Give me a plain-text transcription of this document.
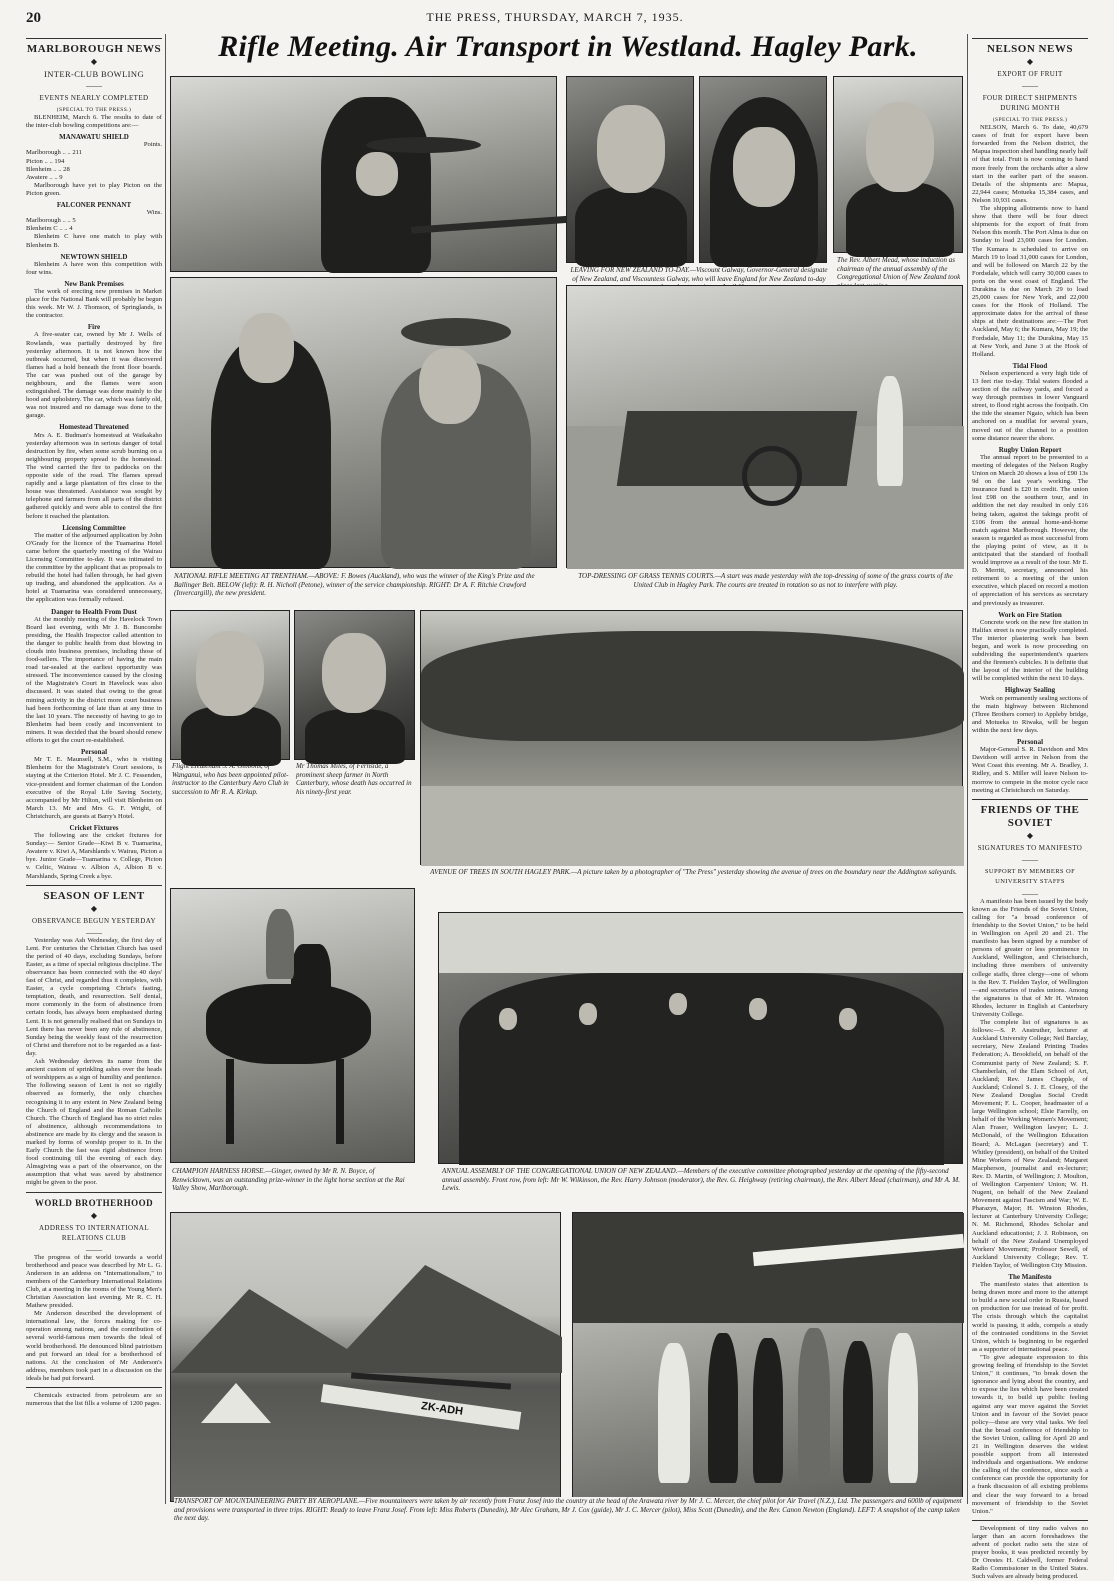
20	THE PRESS, THURSDAY, MARCH 7, 1935.
MARLBOROUGH NEWS
◆
INTER-CLUB BOWLING
——
EVENTS NEARLY COMPLETED
(SPECIAL TO THE PRESS.)

BLENHEIM, March 6. The results to date of the inter-club bowling competitions are:—

MANAWATU SHIELD
Points.
Marlborough .. .. 211
Picton .. .. 194
Blenheim .. .. 28
Awatere .. .. 9

Marlborough have yet to play Picton on the Picton green.

FALCONER PENNANT
Wins.
Marlborough .. .. 5
Blenheim C .. .. 4

Blenheim C have one match to play with Blenheim B.

NEWTOWN SHIELD

Blenheim A have won this competition with four wins.

New Bank Premises

The work of erecting new premises in Market place for the National Bank will probably be begun this week. Mr W. J. Thomson, of Springlands, is the contractor.

Fire

A five-seater car, owned by Mr J. Wells of Rowlands, was partially destroyed by fire yesterday afternoon. It is not known how the outbreak occurred, but when it was discovered flames had a hold beneath the front floor boards. The car was pushed out of the garage by neighbours, and the flames were soon extinguished. The damage was done mainly to the hood and upholstery. The car, which was fairly old, was not insured and no damage was done to the garage.

Homestead Threatened

Mrs A. E. Budman's homestead at Waikakaho yesterday afternoon was in serious danger of total destruction by fire, when some scrub burning on a neighbouring property spread to the homestead. The wind carried the fire to paddocks on the opposite side of the road. The flames spread rapidly and a large plantation of firs close to the house was threatened. Assistance was sought by telephone and farmers from all parts of the district gathered quickly and were able to control the fire before it reached the plantation.

Licensing Committee

The matter of the adjourned application by John O'Grady for the licence of the Tuamarina Hotel came before the quarterly meeting of the Wairau Licensing Committee to-day. It was intimated to the committee by the applicant that as proposals to rebuild the hotel had fallen through, he had given up trading, and abandoned the application. As a hotel at Tuamarina was considered unnecessary, the application was formally refused.

Danger to Health From Dust

At the monthly meeting of the Havelock Town Board last evening, with Mr J. B. Buncombe presiding, the Health Inspector called attention to the danger to public health from dust blowing in clouds into business premises, including those of food-sellers. The importance of having the main road tar-sealed at the earliest opportunity was stressed. The inconvenience caused by the closing of the Magistrate's Court in Havelock was also discussed. It was stated that owing to the great mining activity in the district more court business had been forthcoming of late than at any time in the last 10 years. The necessity of having to go to Blenheim had been costly and inconvenient to miners. It was decided that the board should renew efforts to get the court re-established.

Personal

Mr T. E. Maunsell, S.M., who is visiting Blenheim for the Magistrate's Court sessions, is staying at the Criterion Hotel. Mr J. C. Fessenden, vice-president and former chairman of the London executive of the Royal Life Saving Society, accompanied by Mr Hilton, will visit Blenheim on March 13. Mr and Mrs G. F. Wright, of Christchurch, are guests at Barry's Hotel.

Cricket Fixtures

The following are the cricket fixtures for Sunday:— Senior Grade—Kiwi B v. Tuamarina, Awatere v. Kiwi A, Marshlands v. Wairau, Picton a bye. Junior Grade—Tuamarina v. College, Picton v. Celtic, Wairau v. Albion A, Albion B v. Marshlands, Spring Creek a bye.

SEASON OF LENT
◆
OBSERVANCE BEGUN YESTERDAY
——

Yesterday was Ash Wednesday, the first day of Lent. For centuries the Christian Church has used the period of 40 days, excluding Sundays, before Easter, as a time of special religious discipline. The observance has been connected with the 40 days' fast of Christ, and regarded thus it completes, with Easter, a cycle comprising Christ's fasting, temptation, death, and resurrection. Self denial, more commonly in the form of abstinence from certain foods, has always been emphasised during Lent. It is not generally realised that on Sundays in Lent there has never been any rule of abstinence, Sunday being the weekly feast of the resurrection of Christ and therefore not to be regarded as a fast-day.

Ash Wednesday derives its name from the ancient custom of sprinkling ashes over the heads of worshippers as a sign of humility and penitence. The following season of Lent is not so rigidly observed as formerly, the only churches recognising it to any extent in New Zealand being the Church of England and the Roman Catholic Church. The Church of England has no strict rules of abstinence, although recommendations to abstinence are made by its clergy and the season is marked by forms of worship proper to it. In the Early Church the fast was rigid abstinence from food continuing till the evening of each day. Almsgiving was a part of the observance, on the assumption that what was saved by abstinence might be given to the poor.

WORLD BROTHERHOOD
◆
ADDRESS TO INTERNATIONAL RELATIONS CLUB
——

The progress of the world towards a world brotherhood and peace was described by Mr L. G. Anderson in an address on "Internationalism," to members of the Canterbury International Relations Club, at a meeting in the rooms of the Young Men's Christian Association last evening. Mr R. C. H. Mathew presided.

Mr Anderson described the development of international law, the forces making for co-operation among nations, and the contribution of several world-famous men towards the ideal of world brotherhood. He denounced blind patriotism and put forward an ideal for a brotherhood of nations. At the conclusion of Mr Anderson's address, members took part in a discussion on the ideals he had put forward.

Chemicals extracted from petroleum are so numerous that the list fills a volume of 1200 pages.

Rifle Meeting. Air Transport in Westland. Hagley Park.
LEAVING FOR NEW ZEALAND TO-DAY.—Viscount Galway, Governor-General designate of New Zealand, and Viscountess Galway, who will leave England for New Zealand to-day
The Rev. Albert Mead, whose induction as chairman of the annual assembly of the Congregational Union of New Zealand took
NATIONAL RIFLE MEETING AT TRENTHAM.—ABOVE: F. Bowes (Auckland), who was the winner of the King's Prize and the Ballinger Belt. BELOW (left): R. H. Nicholl (Petone), winner of the service championship. RIGHT: Dr A. F. Ritchie Crawford (Invercargill), the new president.
TOP-DRESSING OF GRASS TENNIS COURTS.—A start was made yesterday with the top-dressing of some of the grass courts of the United Club in Hagley Park. The courts are treated in rotation so as not to interfere with play.
Flight Lieutenant S. A. Gibbons, of Wanganui, who has been appointed pilot-instructor to the Canterbury Aero Club in succession to Mr R. A. Kirkup.
Mr Thomas Miles, of Fernside, a prominent sheep farmer in North Canterbury, whose death has occurred in his ninety-first year.
AVENUE OF TREES IN SOUTH HAGLEY PARK.—A picture taken by a photographer of "The Press" yesterday showing the avenue of trees on the boundary near the Addington saleyards.
CHAMPION HARNESS HORSE.—Ginger, owned by Mr R. N. Boyce, of Renwicktown, was an outstanding prize-winner in the light horse section at the Rai Valley Show, Marlborough.
ANNUAL ASSEMBLY OF THE CONGREGATIONAL UNION OF NEW ZEALAND.—Members of the executive committee photographed yesterday at the opening of the fifty-second annual assembly. Front row, from left: Mr W. Wilkinson, the Rev. Harry Johnson (moderator), the Rev. G. Heighway (retiring chairman), the Rev. Albert Mead (chairman), and Mr A. M. Lewis.
ZK-ADH
TRANSPORT OF MOUNTAINEERING PARTY BY AEROPLANE.—Five mountaineers were taken by air recently from Franz Josef into the country at the head of the Arawata river by Mr J. C. Mercer, the chief pilot for Air Travel (N.Z.), Ltd. The passengers and 600lb of equipment and provisions were transported in three trips. RIGHT: Ready to leave Franz Josef. From left: Miss Roberts (Dunedin), Mr Alec Graham, Mr J. Cox (guide), Mr J. C. Mercer (pilot), Miss Scott (Dunedin), and the Rev. Canon Newton (England). LEFT: A snapshot of the camp taken the next day.
NELSON NEWS
◆
EXPORT OF FRUIT
——
FOUR DIRECT SHIPMENTS DURING MONTH
(SPECIAL TO THE PRESS.)

NELSON, March 6. To date, 40,679 cases of fruit for export have been forwarded from the Nelson district, the Mapua inspection shed handling nearly half of that total. Fruit is now coming to hand more freely from the orchards after a slow start in the earlier part of the season. Details of the shipments are: Mapua, 22,944 cases; Motueka 15,384 cases, and Nelson 10,931 cases.

The shipping allotments now to hand show that there will be four direct shipments for the export of fruit from Nelson this month. The Port Alma is due on Sunday to load 23,000 cases for London. The Kumara is scheduled to arrive on March 19 to load 31,000 cases for London, and will be followed on March 22 by the Fordsdale, which will carry 30,000 cases to ports on the west coast of England. The Durakina is due on March 29 to load 25,000 cases for New York, and 22,000 cases for the Hook of Holland. The approximate dates for the arrival of these ships at their destinations are:—The Port Auckland, May 6; the Kumara, May 19; the Fordsdale, May 11; the Durakina, May 15 at New York, and June 3 at the Hook of Holland.

Tidal Flood

Nelson experienced a very high tide of 13 feet rise to-day. Tidal waters flooded a section of the railway yards, and forced a way through premises in lower Vanguard street, to flood right across the footpath. On the tide the steamer Ngaio, which has been anchored on a mudflat for several years, moved out of the channel to a position some distance nearer the shore.

Rugby Union Report

The annual report to be presented to a meeting of delegates of the Nelson Rugby Union on March 20 shows a loss of £90 13s 9d on the last year's working. The insurance fund is £20 in credit. The union lost £98 on the southern tour, and in addition the net day resulted in only £16 being taken, against the takings profit of £106 from the annual home-and-home match against Marlborough. However, the season is regarded as most successful from the playing point of view, as it is anticipated that the standard of football would improve as a result of the tour. Mr E. D. Merritt, secretary, announced his retirement to a meeting of the union executive, which placed on record a motion of appreciation of his services as secretary and previously as treasurer.

Work on Fire Station

Concrete work on the new fire station in Halifax street is now practically completed. The interior plastering work has been begun, and work is now proceeding on subdividing the superintendent's quarters and the firemen's cubicles. It is definite that the layout of the interior of the building will be completed within the next 10 days.

Highway Sealing

Work on permanently sealing sections of the main highway between Richmond (Three Brothers corner) to Appleby bridge, and Motueka to Riwaka, will be begun within the next few days.

Personal

Major-General S. R. Davidson and Mrs Davidson will arrive in Nelson from the West Coast this evening. Mr A. Bradley, J. Ridley, and S. Miller will leave Nelson to-morrow to compete in the motor cycle race meeting at Christchurch on Saturday.

FRIENDS OF THE SOVIET
◆
SIGNATURES TO MANIFESTO
——
SUPPORT BY MEMBERS OF UNIVERSITY STAFFS
——

A manifesto has been issued by the body known as the Friends of the Soviet Union, calling for "a broad conference of friendship to the Soviet Union," to be held in Wellington on April 20 and 21. The manifesto has been signed by a number of persons of greater or less prominence in Auckland, Wellington, and Christchurch, including three members of university college staffs, three clergy—one of whom is the Rev. T. Fielden Taylor, of Wellington—and secretaries of trades unions. Among the signatures is that of Mr H. Winston Rhodes, lecturer in English at Canterbury University College.

The complete list of signatures is as follows:—S. P. Anstruther, lecturer at Auckland University College; Neil Barclay, secretary, New Zealand Printing Trades Federation; A. Brookfield, on behalf of the Communist party of New Zealand; S. F. Chamberlain, of the Elam School of Art, Auckland; Rev. James Chapple, of Auckland; Colonel S. J. E. Closey, of the New Zealand Douglas Social Credit Movement; F. L. Cooper, headmaster of a large Wellington school; Elsie Farrelly, on behalf of the Working Women's Movement; Alan Fraser, Wellington lawyer; L. J. McDonald, of the Wellington Education Board; A. McLagan (secretary) and T. Whitley (president), on behalf of the United Mine Workers of New Zealand; Margaret Macpherson, journalist and ex-lecturer; Rev. D. Martin, of Wellington; J. Moulton, of Wellington Carpenters' Union; W. H. Nugent, on behalf of the New Zealand Movement against Fascism and War; W. E. Pharazyn, Major; H. Winston Rhodes, lecturer at Canterbury University College; N. M. Richmond, Rhodes Scholar and Auckland educationist; J. J. Robinson, on behalf of the New Zealand Unemployed Workers' Movement; Professor Sewell, of Auckland University College; Rev. T. Fielden Taylor, of Wellington City Mission.

The Manifesto

The manifesto states that attention is being drawn more and more to the attempt to build a new social order in Russia, based on production for use instead of for profit. The crisis through which the capitalist world is passing, it adds, compels a study of the contrasted conditions in the Soviet Union, which is beginning to be regarded as a supporter of international peace.

"To give adequate expression to this growing feeling of friendship to the Soviet Union," it continues, "to break down the ignorance and lying about the country, and to expose the lies which have been created towards it, to build up public feeling against any war move against the Soviet Union and in favour of the Soviet peace policy—these are very vital tasks. We feel that the broad conference of friendship to the Soviet Union, calling for April 20 and 21 in Wellington deserves the widest possible support from all interested individuals and organisations. We endorse the calling of the conference, since such a conference can provide the opportunity for a frank discussion of all existing problems and clear the way forward to a broad movement of friendship to the Soviet Union."

Development of tiny radio valves no larger than an acorn foreshadows the advent of pocket radio sets the size of prayer books, it was predicted recently by Dr Orestes H. Caldwell, former Federal Radio Commissioner in the United States. Such valves are already being produced.
